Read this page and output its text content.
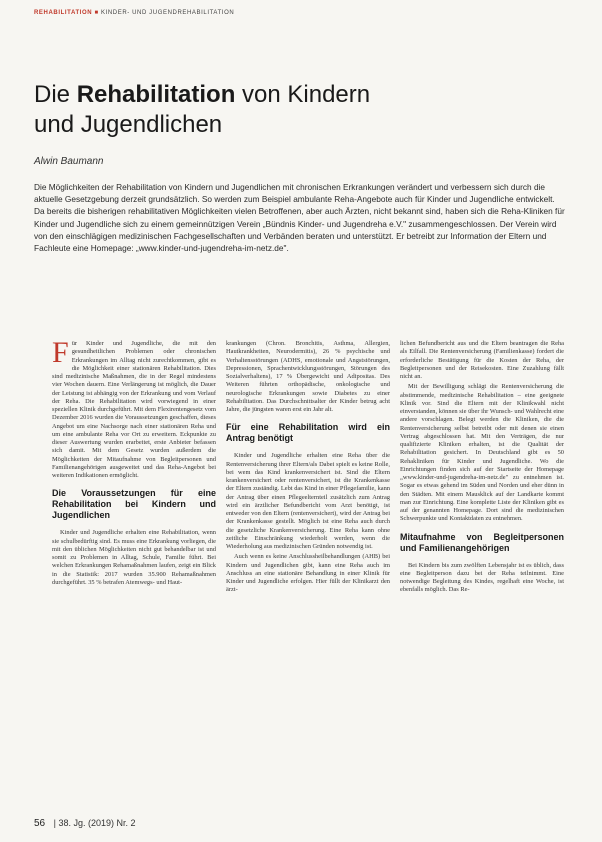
REHABILITATION ■ KINDER- UND JUGENDREHABILITATION
Die Rehabilitation von Kindern
und Jugendlichen
Alwin Baumann

Die Möglichkeiten der Rehabilitation von Kindern und Jugendlichen mit chronischen Erkrankungen verändert und verbessern sich durch die aktuelle Gesetzgebung derzeit grundsätzlich. So werden zum Beispiel ambulante Reha-Angebote auch für Kinder und Jugendliche entwickelt. Da bereits die bisherigen rehabilitativen Möglichkeiten vielen Betroffenen, aber auch Ärzten, nicht bekannt sind, haben sich die Reha-Kliniken für Kinder und Jugendliche sich zu einem gemeinnützigen Verein „Bündnis Kinder- und Jugendreha e.V." zusammengeschlossen. Der Verein wird von den einschlägigen medizinischen Fachgesellschaften und Verbänden beraten und unterstützt. Er betreibt zur Information der Eltern und Fachleute eine Homepage: „www.kinder-und-jugendreha-im-netz.de".

Für Kinder und Jugendliche, die mit den gesundheitlichen Problemen oder chronischen Erkrankungen im Alltag nicht zurechtkommen, gibt es die Möglichkeit einer stationären Rehabilitation. Dies sind medizinische Maßnahmen, die in der Regel mindestens vier Wochen dauern. Eine Verlängerung ist möglich, die Dauer der Leistung ist abhängig von der Erkrankung und vom Verlauf der Reha. Die Rehabilitation wird vorwiegend in einer speziellen Klinik durchgeführt. Mit dem Flexirentengesetz vom Dezember 2016 wurden die Voraussetzungen geschaffen, dieses Angebot um eine Nachsorge nach einer stationären Reha und um eine ambulante Reha vor Ort zu erweitern. Eckpunkte zu dieser Auswertung wurden erarbeitet, erste Anbieter befassen sich damit. Mit dem Gesetz wurden außerdem die Möglichkeiten der Mitaufnahme von Begleitpersonen und Familienangehörigen ausgeweitet und das Reha-Angebot bei weiteren Indikationen ermöglicht.

Die Voraussetzungen für eine Rehabilitation bei Kindern und Jugendlichen

Kinder und Jugendliche erhalten eine Rehabilitation, wenn sie schulbedürftig sind. Es muss eine Erkrankung vorliegen, die mit den üblichen Möglichkeiten nicht gut behandelbar ist und somit zu Problemen in Alltag, Schule, Familie führt. Bei welchen Erkrankungen Rehamaßnahmen laufen, zeigt ein Blick in die Statistik: 2017 wurden 35.900 Rehamaßnahmen durchgeführt. 35 % betrafen Atemwegs- und Haut-

krankungen (Chron. Bronchitis, Asthma, Allergien, Hautkrankheiten, Neurodermitis), 26 % psychische und Verhaltensstörungen (ADHS, emotionale und Angststörungen, Depressionen, Sprachentwicklungsstörungen, Störungen des Sozialverhaltens), 17 % Übergewicht und Adipositas. Des Weiteren führten orthopädische, onkologische und neurologische Erkrankungen sowie Diabetes zu einer Rehabilitation. Das Durchschnittsalter der Kinder betrug acht Jahre, die jüngsten waren erst ein Jahr alt.

Für eine Rehabilitation wird ein Antrag benötigt

Kinder und Jugendliche erhalten eine Reha über die Rentenversicherung ihrer Eltern/als Dabei spielt es keine Rolle, bei wem das Kind krankenversichert ist. Sind die Eltern krankenversichert oder rentenversichert, ist die Krankenkasse der Eltern zuständig. Lebt das Kind in einer Pflegefamilie, kann der Antrag über einen Pflegeelternteil zusätzlich zum Antrag wird ein ärztlicher Befundbericht vom Arzt benötigt, ist entweder von den Eltern (rentenversichert), wird der Antrag bei der Krankenkasse gestellt. Möglich ist eine Reha auch durch die gesetzliche Krankenversicherung. Eine Reha kann ohne zeitliche Einschränkung wiederholt werden, wenn die Wiederholung aus medizinischen Gründen notwendig ist.

Auch wenn es keine Anschlussheilbehandlungen (AHB) bei Kindern und Jugendlichen gibt, kann eine Reha auch im Anschluss an eine stationäre Behandlung in einer Klinik für Kinder und Jugendliche erfolgen. Hier füllt der Klinikarzt den ärzt-

lichen Befundbericht aus und die Eltern beantragen die Reha als Eilfall. Die Rentenversicherung (Familienkasse) fordert die erforderliche Bestätigung für die Kosten der Reha, der Begleitpersonen und der Reisekosten. Eine Zuzahlung fällt nicht an.

Mit der Bewilligung schlägt die Rentenversicherung die abstimmende, medizinische Rehabilitation – eine geeignete Klinik vor. Sind die Eltern mit der Klinikwahl nicht einverstanden, können sie über ihr Wunsch- und Wahlrecht eine andere vorschlagen. Belegt werden die Kliniken, die die Rentenversicherung selbst betreibt oder mit denen sie einen Vertrag abgeschlossen hat. Mit den Verträgen, die nur qualifizierte Kliniken erhalten, ist die Qualität der Rehabilitation gesichert. In Deutschland gibt es 50 Rehakliniken für Kinder und Jugendliche. Wo die Einrichtungen finden sich auf der Startseite der Homepage „www.kinder-und-jugendreha-im-netz.de" zu entnehmen ist. Sogar es etwas gehend im Süden und Norden und eher dünn in den Städten. Mit einem Mausklick auf der Landkarte kommt man zur Einrichtung. Eine komplette Liste der Kliniken gibt es auf der genannten Homepage. Dort sind die medizinischen Schwerpunkte und Kontaktdaten zu entnehmen.

Mitaufnahme von Begleitpersonen und Familienangehörigen

Bei Kindern bis zum zwölften Lebensjahr ist es üblich, dass eine Begleitperson dazu bei der Reha teilnimmt. Eine notwendige Begleitung des Kindes, regelhaft eine Woche, ist ebenfalls möglich. Das Re-

56 | 38. Jg. (2019) Nr. 2
